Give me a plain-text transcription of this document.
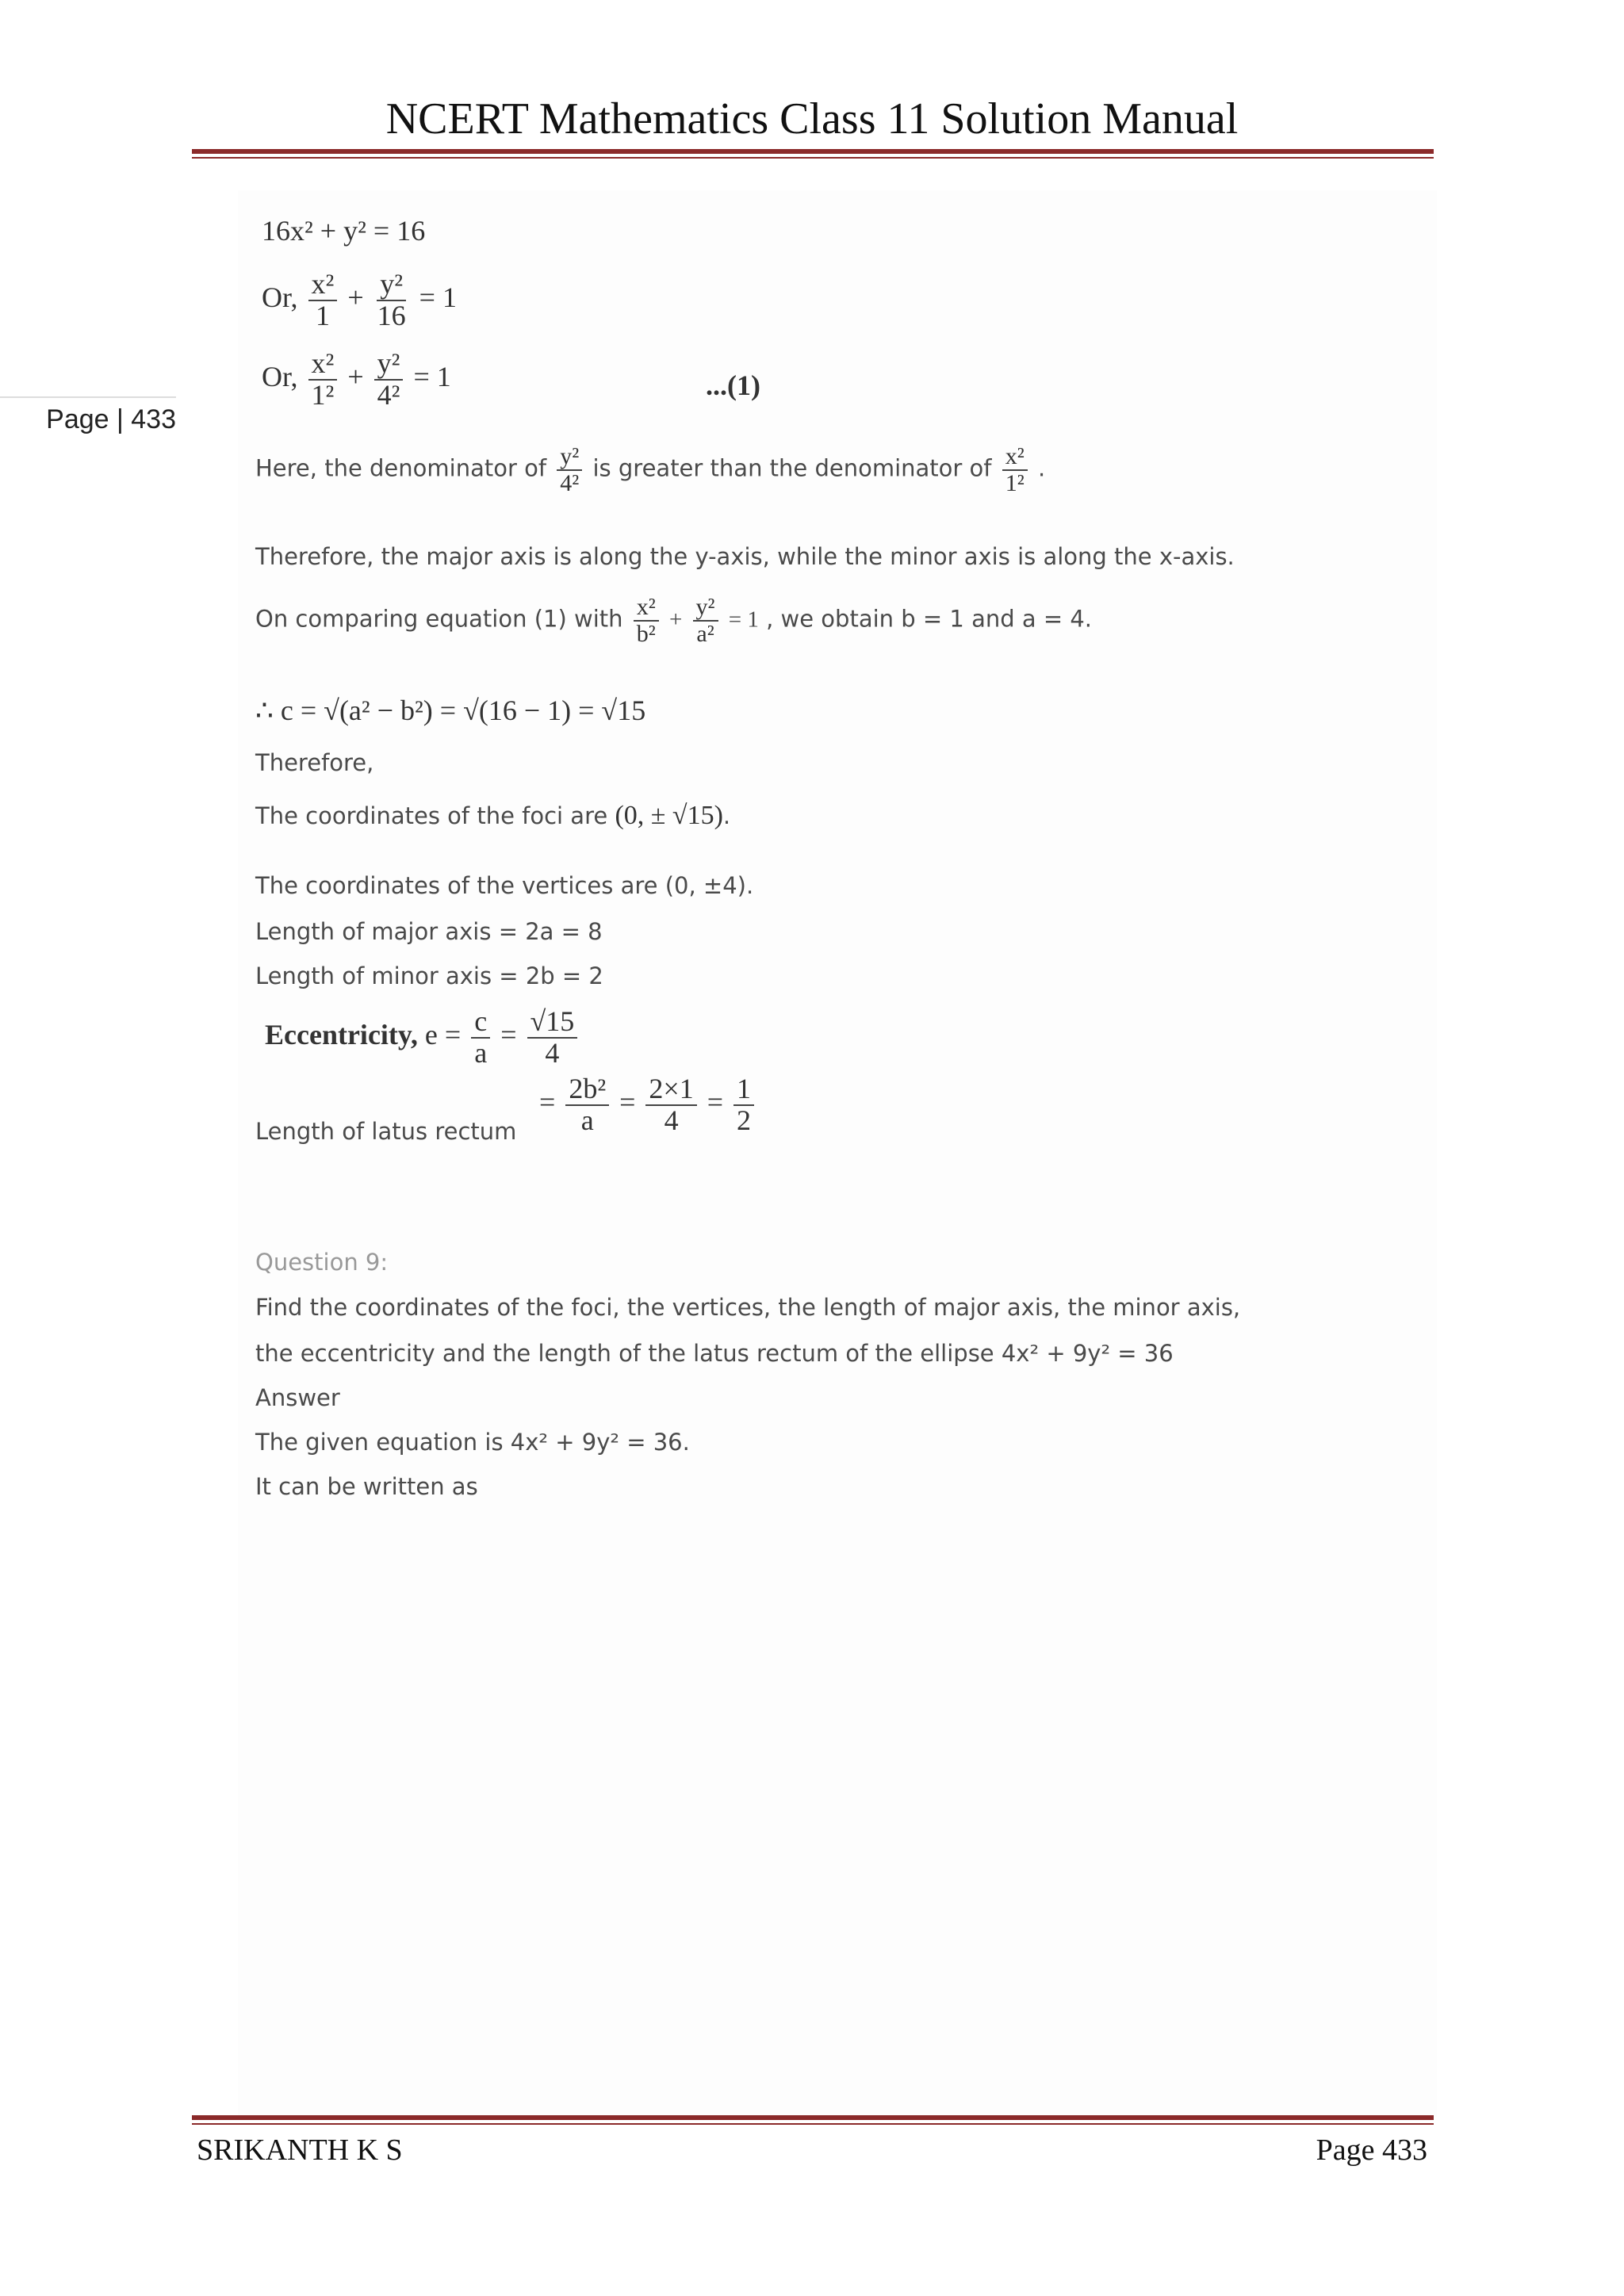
NCERT Mathematics Class 11 Solution Manual
Page | 433
16x² + y² = 16
Or, $\frac{\text{x²}}{1} + \frac{\text{y²}}{16} = 1$
Or, $\frac{\text{x²}}{\text{1²}} + \frac{\text{y²}}{\text{4²}} = 1$	...(1)
Here, the denominator of $\frac{\text{y²}}{\text{4²}}$ is greater than the denominator of $\frac{\text{x²}}{\text{1²}}$ .
Therefore, the major axis is along the y-axis, while the minor axis is along the x-axis.
On comparing equation (1) with $\frac{\text{x²}}{\text{b²}} + \frac{\text{y²}}{\text{a²}} = 1$ , we obtain b = 1 and a = 4.
∴ c = √(a² − b²) = √(16 − 1) = √15
Therefore,
The coordinates of the foci are (0, ± √15).
The coordinates of the vertices are (0, ±4).
Length of major axis = 2a = 8
Length of minor axis = 2b = 2
Eccentricity, $e = \frac{c}{a} = \frac{√15}{4}$
Length of latus rectum
= $\frac{\text{2b²}}{a} = \frac{2\times 1}{4} = \frac{1}{2}$
Question 9:
Find the coordinates of the foci, the vertices, the length of major axis, the minor axis,
the eccentricity and the length of the latus rectum of the ellipse 4x² + 9y² = 36
Answer
The given equation is 4x² + 9y² = 36.
It can be written as
SRIKANTH K S	Page 433
